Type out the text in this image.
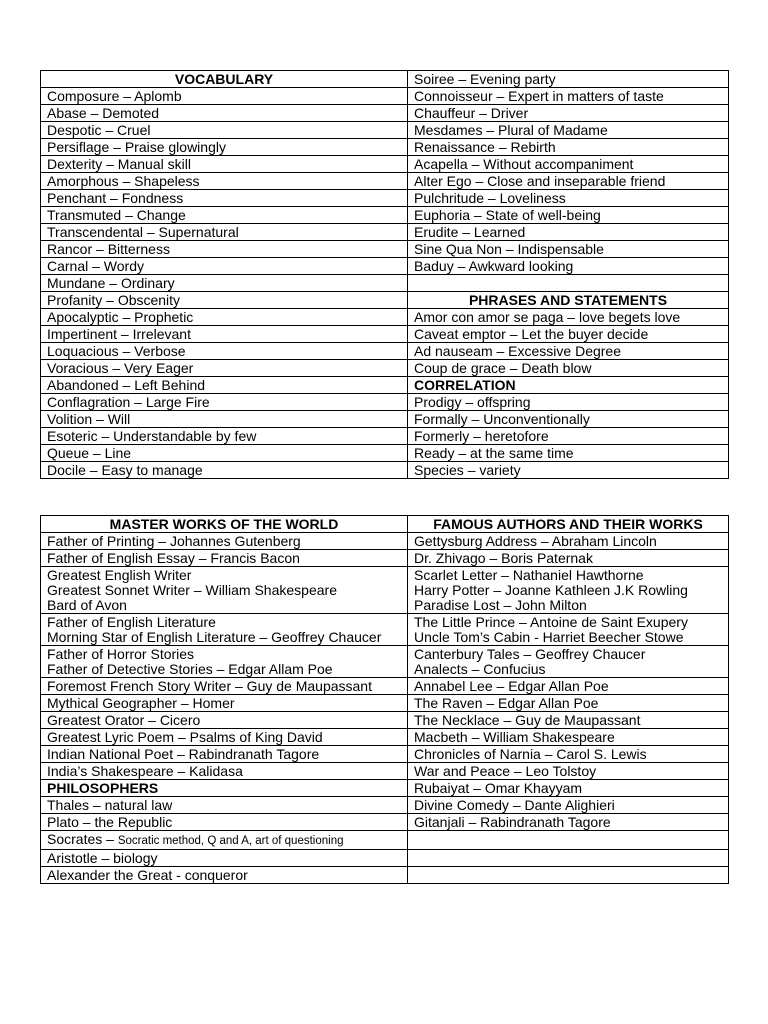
VOCABULARY	Soiree – Evening party
Composure – Aplomb	Connoisseur – Expert in matters of taste
Abase – Demoted	Chauffeur – Driver
Despotic – Cruel	Mesdames – Plural of Madame
Persiflage – Praise glowingly	Renaissance – Rebirth
Dexterity – Manual skill	Acapella – Without accompaniment
Amorphous – Shapeless	Alter Ego – Close and inseparable friend
Penchant – Fondness	Pulchritude – Loveliness
Transmuted – Change	Euphoria – State of well-being
Transcendental – Supernatural	Erudite – Learned
Rancor – Bitterness	Sine Qua Non – Indispensable
Carnal – Wordy	Baduy – Awkward looking
Mundane – Ordinary	
Profanity – Obscenity	PHRASES AND STATEMENTS
Apocalyptic – Prophetic	Amor con amor se paga – love begets love
Impertinent – Irrelevant	Caveat emptor – Let the buyer decide
Loquacious – Verbose	Ad nauseam – Excessive Degree
Voracious – Very Eager	Coup de grace – Death blow
Abandoned – Left Behind	CORRELATION
Conflagration – Large Fire	Prodigy – offspring
Volition – Will	Formally – Unconventionally
Esoteric – Understandable by few	Formerly – heretofore
Queue – Line	Ready – at the same time
Docile – Easy to manage	Species – variety
MASTER WORKS OF THE WORLD	FAMOUS AUTHORS AND THEIR WORKS
Father of Printing – Johannes Gutenberg	Gettysburg Address – Abraham Lincoln
Father of English Essay – Francis Bacon	Dr. Zhivago – Boris Paternak

Greatest English Writer
Greatest Sonnet Writer – William Shakespeare
Bard of Avon	Scarlet Letter – Nathaniel Hawthorne
Harry Potter – Joanne Kathleen J.K Rowling
Paradise Lost – John Milton

Father of English Literature
Morning Star of English Literature – Geoffrey Chaucer	The Little Prince – Antoine de Saint Exupery
Uncle Tom’s Cabin - Harriet Beecher Stowe

Father of Horror Stories
Father of Detective Stories – Edgar Allam Poe	Canterbury Tales – Geoffrey Chaucer
Analects – Confucius

Foremost French Story Writer – Guy de Maupassant	Annabel Lee – Edgar Allan Poe
Mythical Geographer – Homer	The Raven – Edgar Allan Poe
Greatest Orator – Cicero	The Necklace – Guy de Maupassant
Greatest Lyric Poem – Psalms of King David	Macbeth – William Shakespeare
Indian National Poet – Rabindranath Tagore	Chronicles of Narnia – Carol S. Lewis
India’s Shakespeare – Kalidasa	War and Peace – Leo Tolstoy
PHILOSOPHERS	Rubaiyat – Omar Khayyam
Thales – natural law	Divine Comedy – Dante Alighieri
Plato – the Republic	Gitanjali – Rabindranath Tagore
Socrates – Socratic method, Q and A, art of questioning	
Aristotle – biology	
Alexander the Great - conqueror	
